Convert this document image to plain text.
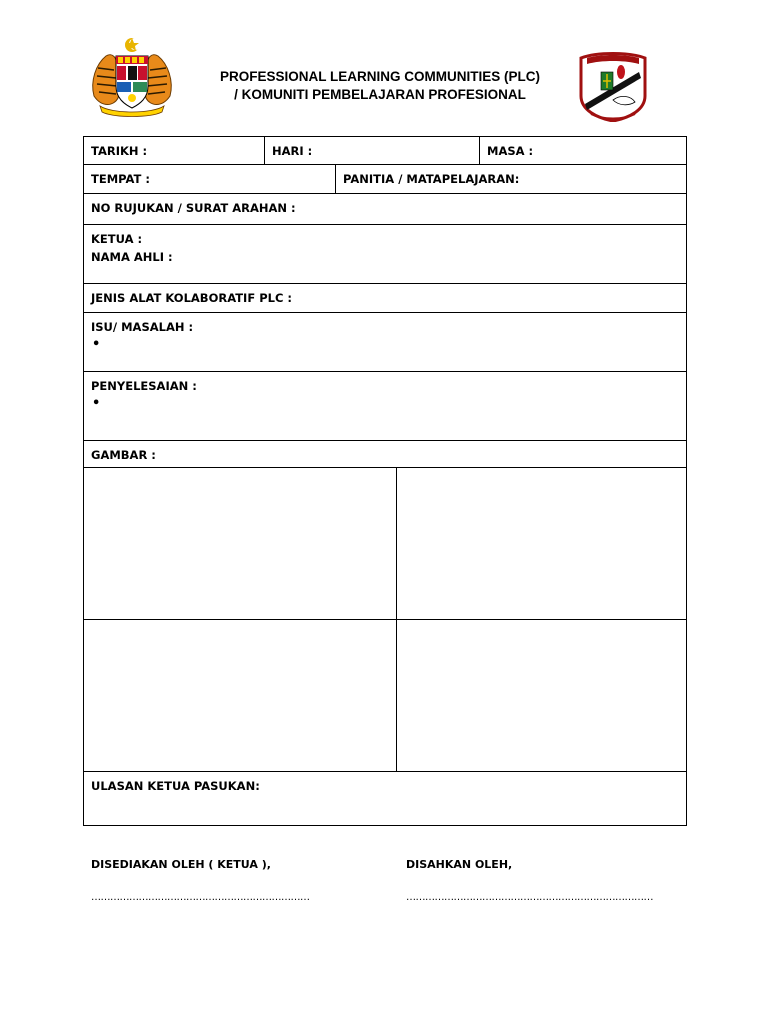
PROFESSIONAL LEARNING COMMUNITIES (PLC)
/ KOMUNITI PEMBELAJARAN PROFESIONAL
TARIKH :	HARI :			MASA :

TEMPAT :		PANITIA / MATAPELAJARAN:		

NO RUJUKAN / SURAT ARAHAN :				

KETUA :
NAMA AHLI :				

JENIS ALAT KOLABORATIF PLC :				

ISU/ MASALAH :
•				

PENYELESAIAN :
•				

GAMBAR :				

ULASAN KETUA PASUKAN:				
DISEDIAKAN OLEH ( KETUA ),	DISAHKAN OLEH,
……………………………………………………………	……………………………………………………………………
